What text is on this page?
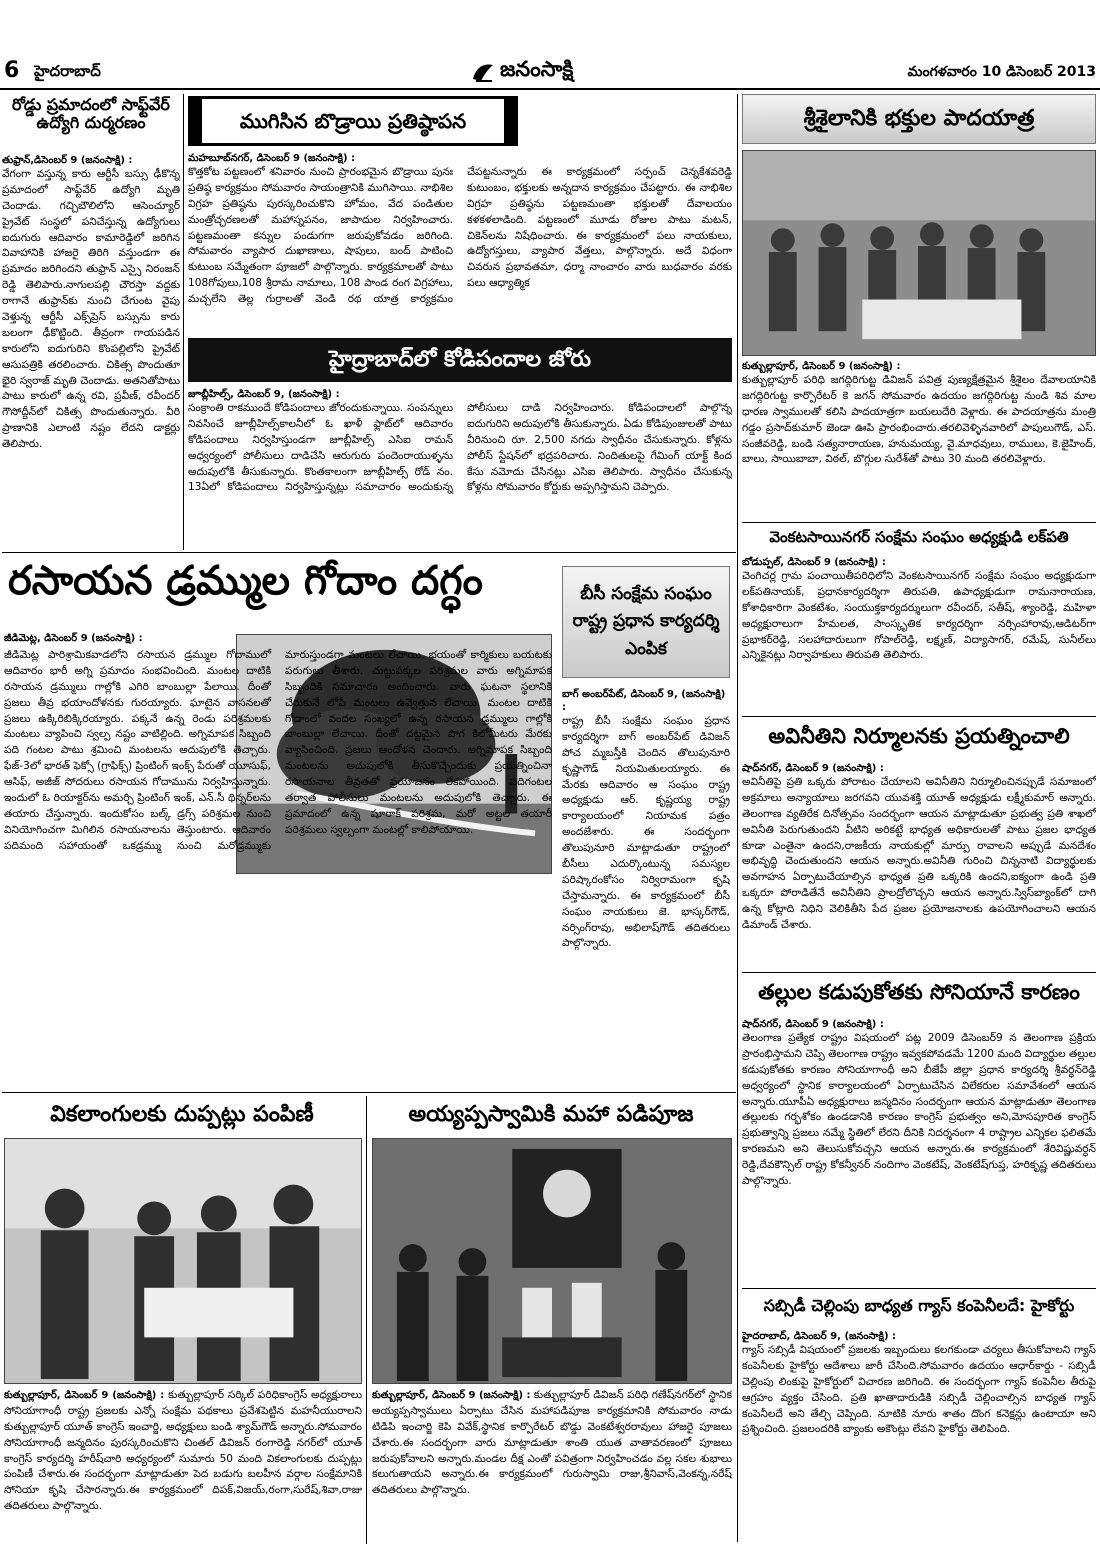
6 హైదరాబాద్	జనంసాక్షి	మంగళవారం 10 డిసెంబర్ 2013
రోడ్డు ప్రమాదంలో సాఫ్ట్‌వేర్ ఉద్యోగి దుర్మరణం
తుఫ్రాన్,డిసెంబర్ 9 (జనంసాక్షి) :
వేగంగా వస్తున్న కారు ఆర్టీసీ బస్సు ఢీకొన్న ప్రమాదంలో సాఫ్ట్‌వేర్ ఉద్యోగి మృతి చెందాడు. గచ్చిబౌలిలోని ఆసెంచ్యూర్ ప్రైవేట్ సంస్థలో పనిచేస్తున్న ఉద్యోగులు ఐదుగురు ఆదివారం కామారెడ్డిలో జరిగిన వివాహానికి హాజరై తిరిగి వస్తుండగా ఈ ప్రమాదం జరిగిందని తుఫ్రాన్ ఎస్సై నిరంజన్ రెడ్డి తెలిపారు.నాగులపల్లి చౌరస్తా వద్దకు రాగానే తుఫ్రాన్‌కు నుంచి చేగుంట వైపు వెళ్తున్న ఆర్టీసీ ఎక్స్‌ప్రెస్ బస్సును కారు బలంగా ఢీకొట్టింది. తీవ్రంగా గాయపడిన కారులోని ఐదుగురిని కొంపల్లిలోని ప్రైవేట్ ఆసుపత్రికి తరలించారు. చికిత్స పొందుతూ భైరి స్వరాజ్ మృతి చెందాడు. అతనితోపాటు పాటు కారులో ఉన్న రవి, ప్రవీణ్, రవీందర్ గౌసోద్దీన్‌లో చికిత్స పొందుతున్నారు. వీరి ప్రాణానికి ఎలాంటి నష్టం లేదని డాక్టర్లు తెలిపారు.
ముగిసిన బొడ్రాయి ప్రతిష్ఠాపన
మహబూబ్‌నగర్, డిసెంబర్ 9 (జనంసాక్షి) :
కొత్తకోట పట్టణంలో శనివారం నుంచి ప్రారంభమైన బొడ్రాయి పునః ప్రతిష్ఠ కార్యక్రమం సోమవారం సాయంత్రానికి ముగిసాయి. నాభిశిల విగ్రహ ప్రతిష్ఠను పురస్కరించుకొని హోమం, వేద పండితుల మంత్రోచ్ఛరణలతో మహాస్నపనం, జాపాదుల నిర్వహించారు. పట్టణమంతా కన్నుల పండుగగా జరుపుకోవడం జరిగింది. సోమవారం వ్యాపార దుఖాణాలు, షాపులు, బంద్ పాటించి కుటుంబ సమ్మేతంగా పూజలో పాల్గొన్నారు. కార్యక్రమాలతో పాటు 108గోపులు,108 శ్రీరామ నామాలు, 108 పాండ రంగ విగ్రహాలు, మచ్చలేని తెల్ల గుర్రాలతో వెండి రథ యాత్ర కార్యక్రమం చేపట్టనున్నారు ఈ కార్యక్రమంలో సర్పంచ్ చెన్నకేశవరెడ్డి కుటుంబం, భక్తులకు అన్నదాన కార్యక్రమం చేపట్టారు. ఈ నాభిశిల విగ్రహ ప్రతిష్ఠను పట్టణమంతా భక్తులతో దేవాలయం కళకళలాడింది. పట్టణంలో మూడు రోజుల పాటు మటన్, చికెన్‌లను నిషేధించారు. ఈ కార్యక్రమంలో పలు నాయకులు, ఉద్యోగస్తులు, వ్యాపార వేత్తలు, పాల్గొన్నారు. అదే విధంగా చివరున ప్రభావతమా, ధర్మా నాంచారం వారు బుధవారం వరకు పలు ఆధ్యాత్మిక
హైద్రాబాద్‌లో కోడిపందాల జోరు
జూబ్లీహిల్స్, డిసెంబర్ 9, (జనంసాక్షి) :
సంక్రాంతి రాకముందే కోడిపందాలు జోరందుకున్నాయి. సంపన్నులు నివసించే జూబ్లీహిల్స్‌కాలనీలో ఓ ఖాళీ ఫ్లాట్‌లో ఆదివారం కోడిపందాలు నిర్వహిస్తుండగా జూబ్లీహిల్స్ ఎసిఐ రామన్ అధ్వర్యంలో పోలీసులు దాడిచేసి ఆరుగురు పందెంరాయుళ్ళను అదుపులోకి తీసుకున్నారు. కొంతకాలంగా జూబ్లీహిల్స్ రోడ్ నం. 13ఏలో కోడిపందాలు నిర్వహిస్తున్నట్లు సమాచారం అందుకున్న పోలీసులు దాడి నిర్వహించారు. కోడిపందాలలో పాల్గొన్న ఐదుగురిని అదుపులోకి తీసుకున్నారు. ఏడు కోడిపుంజులతో పాటు వీరినుంచి రూ. 2,500 నగదు స్వాధీనం చేసుకున్నారు. కోళ్లను పోలీస్ స్టేషన్‌లో భద్రపరిచారు. నిందితులపై గేమింగ్ యాక్ట్ కింద కేసు నమోదు చేసినట్లు ఎసిఐ తెలిపారు. స్వాధీనం చేసుకున్న కోళ్లను సోమవారం కోర్టుకు అప్పగిస్తామని చెప్పారు.
శ్రీశైలానికి భక్తుల పాదయాత్ర
కుత్బుల్లాపూర్, డిసెంబర్ 9 (జనంసాక్షి) :
కుత్బుల్లాపూర్ పరిధి జగద్గిరిగుట్ట డివిజన్ పవిత్ర పుణ్యక్షేత్రమైన శ్రీశైలం దేవాలయానికి జగద్గిరిగుట్ట కార్పొరేటర్ కె జగన్ సోమవారం ఉదయం జగద్గిరిగుట్ట నుండి శివ మాల ధారణ స్వాములతో కలిసి పాదయాత్రగా బయలుదేరి వెళ్లారు. ఈ పాదయాత్రను మంత్రి గడ్డం ప్రసాద్‌కుమార్ జెండా ఊపి ప్రారంభించారు.తరలివెళ్ళినవారిలో పాపులుగౌడ్, ఎస్. సంజీవరెడ్డి, బండి సత్యనారాయణ, హనుమయ్య, వై.మాధవులు, రాములు, కె.జైహింద్, బాలు, సాయిబాబా, విఠల్, బొగ్గుల సురేశ్‌తో పాటు 30 మంది తరలివెళ్లారు.
వెంకటసాయినగర్ సంక్షేమ సంఘం అధ్యక్షుడి లక్‌పతి
బోడుప్పల్, డిసెంబర్ 9 (జనంసాక్షి) :
చెంగిచర్ల గ్రామ పంచాయితీపరిధిలోని వెంకటసాయినగర్ సంక్షేమ సంఘం అధ్యక్షుడుగా లక్‌పతినాయక్, ప్రధానకార్యదర్శిగా తిరుపతి, ఉపాధ్యక్షుడుగా రామనారాయణ, కోశాధికారిగా వెంకటేశం, సంయుక్తకార్యదర్శులుగా రవీందర్, సతీష్, శ్యాంరెడ్డి, మహిళా అధ్యక్షురాలుగా హేమలత, సాంస్కృతిక కార్యదర్శిగా నర్సింహారావు,ఆడిటర్‌గా ప్రభాకర్‌రెడ్డి, సలహాదారులుగా గోపాల్‌రెడ్డి, లక్ష్మణ్, విద్యాసాగర్, రమేష్, సునీల్‌లు ఎన్నికైనట్లు నిర్వాహకులు తిరుపతి తెలిపారు.
రసాయన డ్రమ్ముల గోదాం దగ్ధం
జీడిమెట్ల, డిసెంబర్ 9 (జనంసాక్షి) :
జీడిమెట్ల పారిశ్రామికవాడలోని రసాయన డ్రమ్ముల గోదాములో ఆదివారం భారీ అగ్ని ప్రమాదం సంభవించింది. మంటల దాటికి రసాయన డ్రమ్ములు గాల్లోకి ఎగిరి బాంబుల్లా పేలాయి. దీంతో ప్రజలు తీవ్ర భయాందోళనకు గురయ్యారు. ఘాటైన వాసనలతో ప్రజలు ఉక్కిరిబిక్కిరయ్యారు. పక్కనే ఉన్న రెండు పరిశ్రమలకు మంటలు వ్యాపించి స్వల్ప నష్టం వాటిల్లింది. అగ్నిమాపక సిబ్బంది పది గంటల పాటు శ్రమించి మంటలను అదుపులోకి తెచ్చారు. ఫేజ్-3లో భారత్ ఫెక్సో (గ్రాఫిక్స్) ప్రింటింగ్ ఇంక్స్ పేరుతో యూసుఫ్, ఆసిఫ్, అజీజ్ సోదరులు రసాయన గోదామును నిర్వహిస్తున్నారు. ఇందులో ఓ రియాక్టర్‌ను అమర్చి ప్రింటింగ్ ఇంక్, ఎన్.సీ థిన్నర్‌లను తయారు చేస్తున్నారు. ఇందుకోసం బల్క్ డ్రగ్స్ పరిశ్రమల నుంచి వినియోగించగా మిగిలిన రసాయనాలను తెస్తుంటారు. ఆదివారం పదిమంది సహాయంతో ఒకడ్రమ్ము నుంచి మరోడ్రమ్ముకు మారుస్తుండగా మంటలు లేచాయి. భయంతో కార్మికులు బయటకు పరుగులు తీశారు. చుట్టుపక్కల పరిశ్రమల వారు అగ్నిమాపక సిబ్బందికి సమాచారం అందించారు. వారు ఘటనా స్థలానికి చేరుకునే లోపే మంటలు ఉవ్వెత్తున లేచాయి. మంటల దాటికి గోదాంలో వందల సంఖ్యలో ఉన్న రసాయన డ్రమ్ములు గాల్లోకి బాంబుల్లా లేచాయి. దీంతో దట్టమైన పొగ కిలోమీటరు మేరకు వ్యాపించింది. ప్రజలు ఆందోళన చెందారు. అగ్నిమాపక సిబ్బంది మంటలను అదుపులోకి తీసుకొచ్చేందుకు ప్రయత్నించినా రసాయనాల తీవ్రతతో ప్రయోజనం లేకపోయింది. పదిగంటల తర్వాత పోలీసులు మంటలను అదుపులోకి తెచ్చారు. ఈ ప్రమాదంలో ఉన్న షూరాక్ పరిశ్రమ, మరో అట్టల తయారీ పరిశ్రమలు స్వల్పంగా మంటల్లో కాలిపోయాయి.
బీసీ సంక్షేమ సంఘం రాష్ట్ర ప్రధాన కార్యదర్శి ఎంపిక
బాగ్ అంబర్‌పేట్, డిసెంబర్ 9, (జనంసాక్షి) :
రాష్ట్ర బీసీ సంక్షేమ సంఘం ప్రధాన కార్యదర్శిగా బాగ్ అంబర్‌పేట్ డివిజన్ పోచ మ్మబస్తీకి చెందిన తొలుపునూరి కృష్ణాగౌడ్ నియమితులయ్యారు. ఈ మేరకు ఆదివారం ఆ సంఘం రాష్ట్ర అధ్యక్షుడు ఆర్. కృష్ణయ్య రాష్ట్ర కార్యాలయంలో నియామక పత్రం అందజేశారు. ఈ సందర్భంగా తొలుపునూరి మాట్లాడుతూ రాష్ట్రంలో బీసీలు ఎదుర్కొంటున్న సమస్యల పరిష్కారంకోసం నిర్విరామంగా కృషి చేస్తామన్నారు. ఈ కార్యక్రమంలో బీసీ సంఘం నాయకులు జె. భాస్కర్‌గౌడ్, నర్సింగ్‌రావు, అభిలాష్‌గౌడ్ తదితరులు పాల్గొన్నారు.
అవినీతిని నిర్మూలనకు ప్రయత్నించాలి
షాద్‌నగర్, డిసెంబర్ 9 (జనంసాక్షి) :
అవినీతిపై ప్రతి ఒక్కరు పోరాటం చేయాలని అవినీతిని నిర్మూలించినప్పుడే సమాజంలో అక్రమాలు అన్యాయాలు జరగవని యువశక్తి యూత్ అధ్యక్షుడు లక్ష్మీకుమార్ అన్నారు. తెలంగాణ వ్యతిరేక దినోత్సవం సందర్భంగా ఆయన మాట్లాడుతూ ప్రభుత్వ ప్రతి శాఖలో అవినీతి పెరుగుతుందని వీటిని అరికట్టే భాధ్యత అధికారులతో పాటు ప్రజల భాధ్యత కూడా ఎంతైనా ఉందని,రాజకీయ నాయకుల్లో మార్పు రావాలని అప్పుడే మనదేశం అభివృద్ధి చెందుతుందని ఆయన అన్నారు.అవినీతి గురించి చిన్ననాటి విద్యార్థులకు అవగాహన ఏర్పాటుచేయాల్సిన భాధ్యత ప్రతి ఒక్కరికి ఉందని,ఐక్యంగా ఉండి ప్రతి ఒక్కరూ పోరాడితేనే అవినీతిని ప్రాలద్రోలొచ్చని ఆయన అన్నారు.స్విస్‌బ్యాంక్‌లో దాగి ఉన్న కోట్లాది నిధిని వెలికితీసి పేద ప్రజల ప్రయోజనాలకు ఉపయోగించాలని ఆయన డిమాండ్ చేశారు.
తల్లుల కడుపుకోతకు సోనియానే కారణం
షాద్‌నగర్, డిసెంబర్ 9 (జనంసాక్షి) :
తెలంగాణ ప్రత్యేక రాష్ట్రం విషయంలో పట్ల 2009 డిసెంబర్9 న తెలంగాణ ప్రక్రియ ప్రారంభిస్తామని చెప్పి తెలంగాణ రాష్ట్రం ఇవ్వకపోవడమే 1200 మంది విద్యార్థుల తల్లుల కడుపుకోతకు కారణం సోనియాగాంధీ అని బీజేపీ జిల్లా ప్రధాన కార్యదర్శి శ్రీవర్ధన్‌రెడ్డి అధ్వర్యంలో స్థానిక కార్యాలయంలో ఏర్పాటుచేసిన విలేకరుల సమావేశంలో ఆయన అన్నారు.యూపీఏ అధ్యక్షురాలు జన్మదినం సందర్భంగా ఆయన మాట్లాడుతూ తెలంగాణ తల్లులకు గర్భశోకం ఉండడానికి కారణం కాంగ్రెస్ ప్రభుత్వం అని,మోసపూరిత కాంగ్రెస్ ప్రభుత్వాన్ని ప్రజలు నమ్మే స్థితిలో లేరని దీనికి నిదర్శనంగా 4 రాష్ట్రాల ఎన్నికల ఫలితమే కారణమని అని తెలుసుకోవచ్చని ఆయన అన్నారు.ఈ కార్యక్రమంలో శేరివిష్ణువర్ధన్ రెడ్డి,దేవకౌన్సిల్ రాష్ట్ర కోకన్వీనర్ నందిగాం వెంకటేష్, వెంకటేష్‌గుప్త, హరికృష్ణ తదితరులు పాల్గొన్నారు.
సబ్సిడీ చెల్లింపు బాధ్యత గ్యాస్ కంపెనీలదే: హైకోర్టు
హైదరాబాద్, డిసెంబర్ 9, (జనంసాక్షి) :
గ్యాస్ సబ్సిడీ విషయంలో ప్రజలకు ఇబ్బందులు కలగకుండా చర్యలు తీసుకోవాలని గ్యాస్ కంపెనీలకు హైకోర్టు ఆదేశాలు జారీ చేసింది.సోమవారం ఉదయం ఆధార్‌కార్డు - సబ్సిడీ చెల్లింపు లింకుపై హైకోర్టులో విచారణ జరిగింది. ఈ సందర్భంగా గ్యాస్ కంపెనీల తీరుపై ఆగ్రహం వ్యక్తం చేసింది. ప్రతి ఖాతాదారుడికి సబ్సిడీ చెల్లించాల్సిన బాధ్యత గ్యాస్ కంపెనీలదే అని తేల్చి చెప్పింది. నూటికి నూరు శాతం దొంగ కనెక్షన్లు ఉంటాయా అని ప్రశ్నించింది. ప్రజలందరికి బ్యాంకు అకౌంట్లు లేవని హైకోర్టు తెలిపింది.
వికలాంగులకు దుప్పట్లు పంపిణీ
కుత్బుల్లాపూర్, డిసెంబర్ 9 (జనంసాక్షి) : కుత్బుల్లాపూర్ సర్కిల్ పరిధికాంగ్రెస్ అధ్యక్షురాలు సోనియాగాంధీ రాష్ట్ర ప్రజలకు ఎన్నో సంక్షేమ పథకాలు ప్రవేశపెట్టిన మహనీయురాలని కుత్బుల్లాపూర్ యూత్ కాంగ్రెస్ ఇంచార్జి, అధ్యక్షులు బండి శ్యామ్‌గౌడ్ అన్నారు.సోమవారం సోనియాగాంధీ జన్మదినం పురస్కరించుకొని చింతల్ డివిజన్ రంగారెడ్డి నగర్‌లో యూత్ కాంగ్రెస్ కార్యదర్శి హరీష్‌చారి అధ్యర్యంలో సుమారు 50 మంది వికలాంగులకు దుప్పట్లు పంపిణీ చేశారు.ఈ సందర్భంగా మాట్లాడుతూ పెద బడుగు బలహీన వర్గాల సంక్షేమానికి సోనియా కృషి చేసారన్నారు.ఈ కార్యక్రమంలో దిపక్,విజయ్,రంగా,సురేష్,శివా,రాజు తదితరులు పాల్గొన్నారు.
అయ్యప్పస్వామికి మహా పడిపూజ
కుత్బుల్లాపూర్, డిసెంబర్ 9 (జనంసాక్షి) : కుత్బుల్లాపూర్ డివిజన్ పరిధి గణేష్‌నగర్‌లో స్థానిక అయ్యప్పస్వాములు ఏర్పాటు చేసిన మహాపడిపూజ కార్యక్రమానికి సోమవారం నాడు టిడిపి ఇంచార్జి కెపి వివేక్,స్థానిక కార్పొరేటర్ బొడ్డు వెంకటేశ్వరరావులు హాజరై పూజలు చేశారు.ఈ సందర్భంగా వారు మాట్లాడుతూ శాంతి యుత వాతావరణంలో పూజలు జరుపుకోవాలని అన్నారు.మండల దీక్ష ఎంతో పవిత్రంగా నిర్వహించడం వల్ల సకల శుభాలు కలుగుతాయని అన్నారు.ఈ కార్యక్రమంలో గురుస్వామి రాజు,శ్రీనివాస్,వెంకన్న,నరేష్ తదితరులు పాల్గొన్నారు.
